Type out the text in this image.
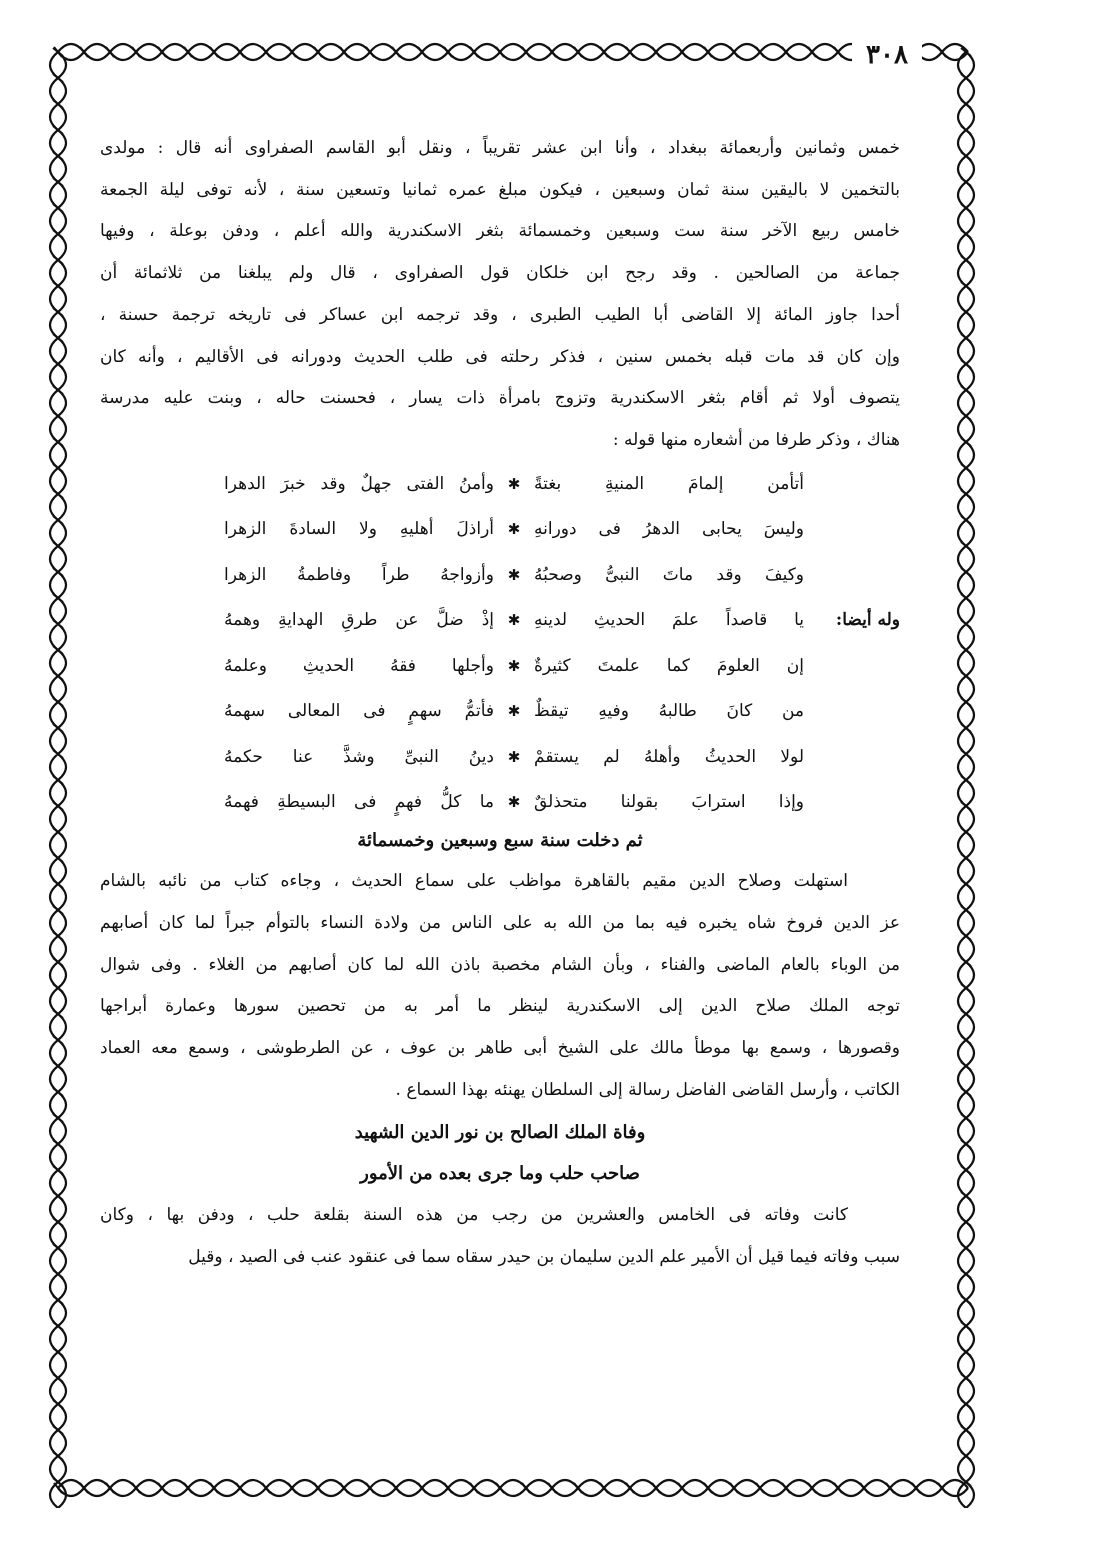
٣٠٨

خمس وثمانين وأربعمائة ببغداد ، وأنا ابن عشر تقريباً ، ونقل أبو القاسم الصفراوى أنه قال : مولدى

بالتخمين لا باليقين سنة ثمان وسبعين ، فيكون مبلغ عمره ثمانيا وتسعين سنة ، لأنه توفى ليلة الجمعة

خامس ربيع الآخر سنة ست وسبعين وخمسمائة بثغر الاسكندرية والله أعلم ، ودفن بوعلة ، وفيها

جماعة من الصالحين . وقد رجح ابن خلكان قول الصفراوى ، قال ولم يبلغنا من ثلاثمائة أن

أحدا جاوز المائة إلا القاضى أبا الطيب الطبرى ، وقد ترجمه ابن عساكر فى تاريخه ترجمة حسنة ،

وإن كان قد مات قبله بخمس سنين ، فذكر رحلته فى طلب الحديث ودورانه فى الأقاليم ، وأنه كان

يتصوف أولا ثم أقام بثغر الاسكندرية وتزوج بامرأة ذات يسار ، فحسنت حاله ، وبنت عليه مدرسة

هناك ، وذكر طرفا من أشعاره منها قوله :

أتأمن إلمامَ المنيةِ بغتةً
✱
وأمنُ الفتى جهلٌ وقد خبرَ الدهرا
وليسَ يحابى الدهرُ فى دورانهِ
✱
أراذلَ أهليهِ ولا السادةَ الزهرا
وكيفَ وقد ماتَ النبىُّ وصحبُهُ
✱
وأزواجهُ طراً وفاطمةُ الزهرا
وله أيضا:
يا قاصداً علمَ الحديثِ لدينهِ
✱
إذْ ضلَّ عن طرقِ الهدايةِ وهمهُ
إن العلومَ كما علمتَ كثيرةٌ
✱
وأجلها فقهُ الحديثِ وعلمهُ
من كانَ طالبهُ وفيهِ تيقظٌ
✱
فأتمُّ سهمٍ فى المعالى سهمهُ
لولا الحديثُ وأهلهُ لم يستقمْ
✱
دينُ النبىِّ وشذَّ عنا حكمهُ
وإذا استرابَ بقولنا متحذلقٌ
✱
ما كلُّ فهمٍ فى البسيطةِ فهمهُ
ثم دخلت سنة سبع وسبعين وخمسمائة

استهلت وصلاح الدين مقيم بالقاهرة مواظب على سماع الحديث ، وجاءه كتاب من نائبه بالشام

عز الدين فروخ شاه يخبره فيه بما من الله به على الناس من ولادة النساء بالتوأم جبراً لما كان أصابهم

من الوباء بالعام الماضى والفناء ، وبأن الشام مخصبة باذن الله لما كان أصابهم من الغلاء . وفى شوال

توجه الملك صلاح الدين إلى الاسكندرية لينظر ما أمر به من تحصين سورها وعمارة أبراجها

وقصورها ، وسمع بها موطأ مالك على الشيخ أبى طاهر بن عوف ، عن الطرطوشى ، وسمع معه العماد

الكاتب ، وأرسل القاضى الفاضل رسالة إلى السلطان يهنئه بهذا السماع .

وفاة الملك الصالح بن نور الدين الشهيد
صاحب حلب وما جرى بعده من الأمور

كانت وفاته فى الخامس والعشرين من رجب من هذه السنة بقلعة حلب ، ودفن بها ، وكان

سبب وفاته فيما قيل أن الأمير علم الدين سليمان بن حيدر سقاه سما فى عنقود عنب فى الصيد ، وقيل
